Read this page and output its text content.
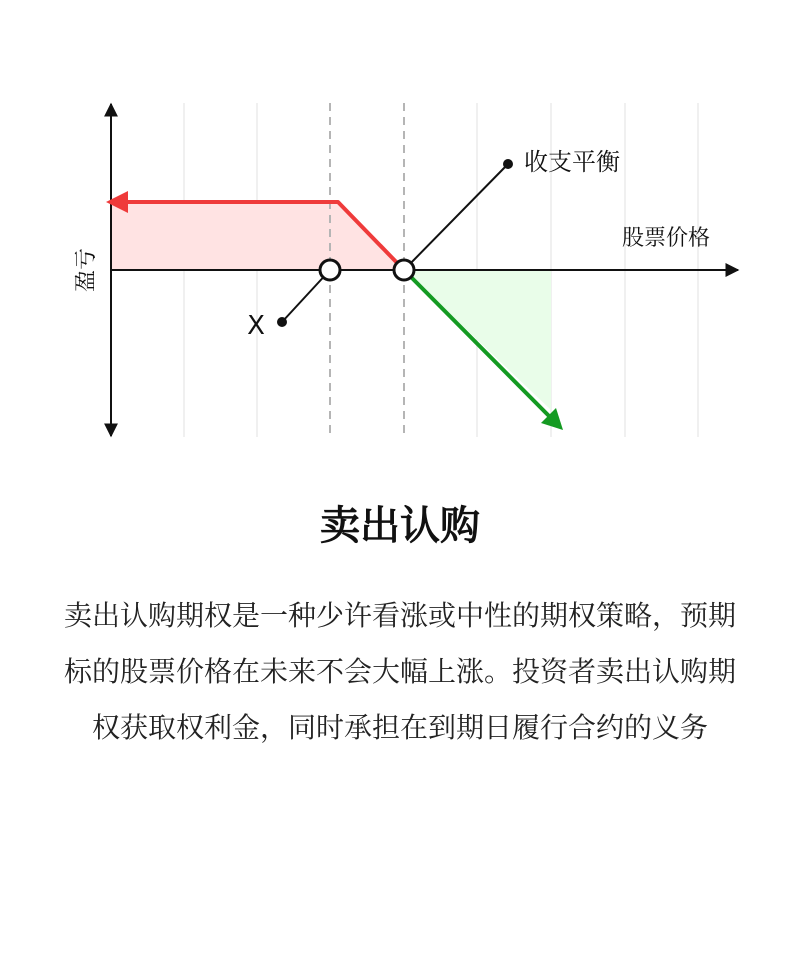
收支平衡
股票价格
X
盈亏
卖出认购

卖出认购期权是一种少许看涨或中性的期权策略，预期标的股票价格在未来不会大幅上涨。投资者卖出认购期权获取权利金，同时承担在到期日履行合约的义务
